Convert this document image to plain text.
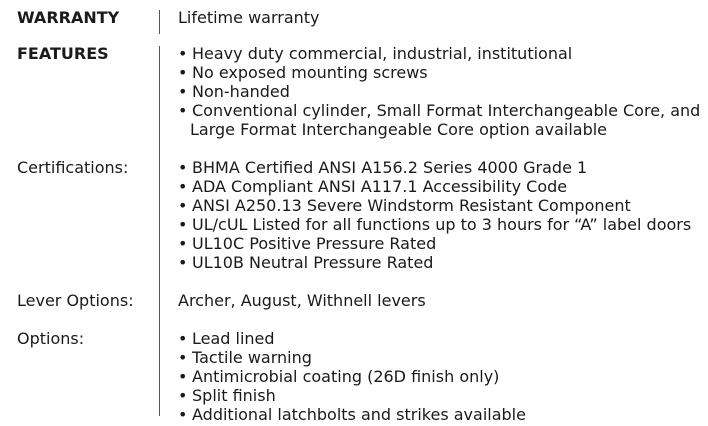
WARRANTY	Lifetime warranty
FEATURES	• Heavy duty commercial, industrial, institutional
• No exposed mounting screws
• Non-handed
• Conventional cylinder, Small Format Interchangeable Core, and
Large Format Interchangeable Core option available
Certifications:	• BHMA Certified ANSI A156.2 Series 4000 Grade 1
• ADA Compliant ANSI A117.1 Accessibility Code
• ANSI A250.13 Severe Windstorm Resistant Component
• UL/cUL Listed for all functions up to 3 hours for “A” label doors
• UL10C Positive Pressure Rated
• UL10B Neutral Pressure Rated
Lever Options:	Archer, August, Withnell levers
Options:	• Lead lined
• Tactile warning
• Antimicrobial coating (26D finish only)
• Split finish
• Additional latchbolts and strikes available
